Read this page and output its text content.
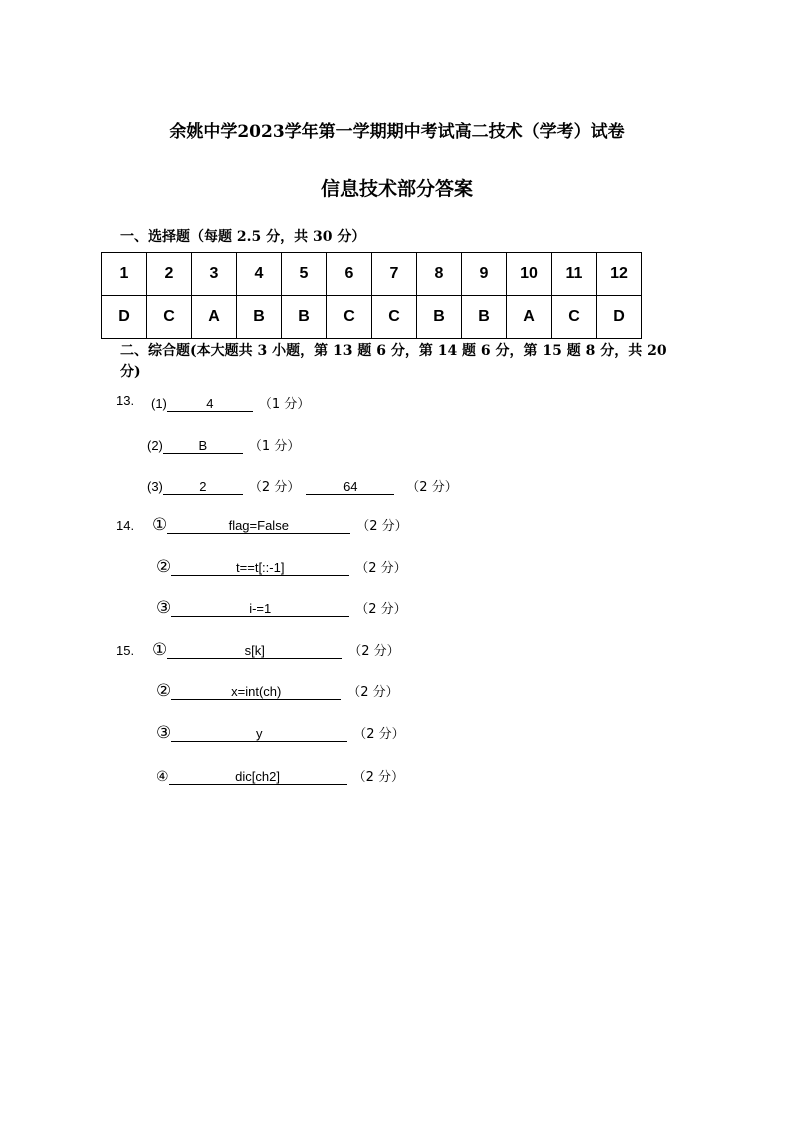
余姚中学2023学年第一学期期中考试高二技术（学考）试卷
信息技术部分答案
一、选择题（每题 2.5 分，共 30 分）
1	2	3	4	5	6	7	8	9	10	11	12
D	C	A	B	B	C	C	B	B	A	C	D
二、综合题(本大题共 3 小题，第 13 题 6 分，第 14 题 6 分，第 15 题 8 分，共 20
分)
13. (1)	4	（1 分）
(2)	B	（1 分）
(3)	2	（2 分）	64	（2 分）
14. ①	flag=False	（2 分）
②	t==t[::-1]	（2 分）
③	i-=1	（2 分）
15. ①	s[k]	（2 分）
②	x=int(ch)	（2 分）
③	y	（2 分）
④	dic[ch2]	（2 分）
